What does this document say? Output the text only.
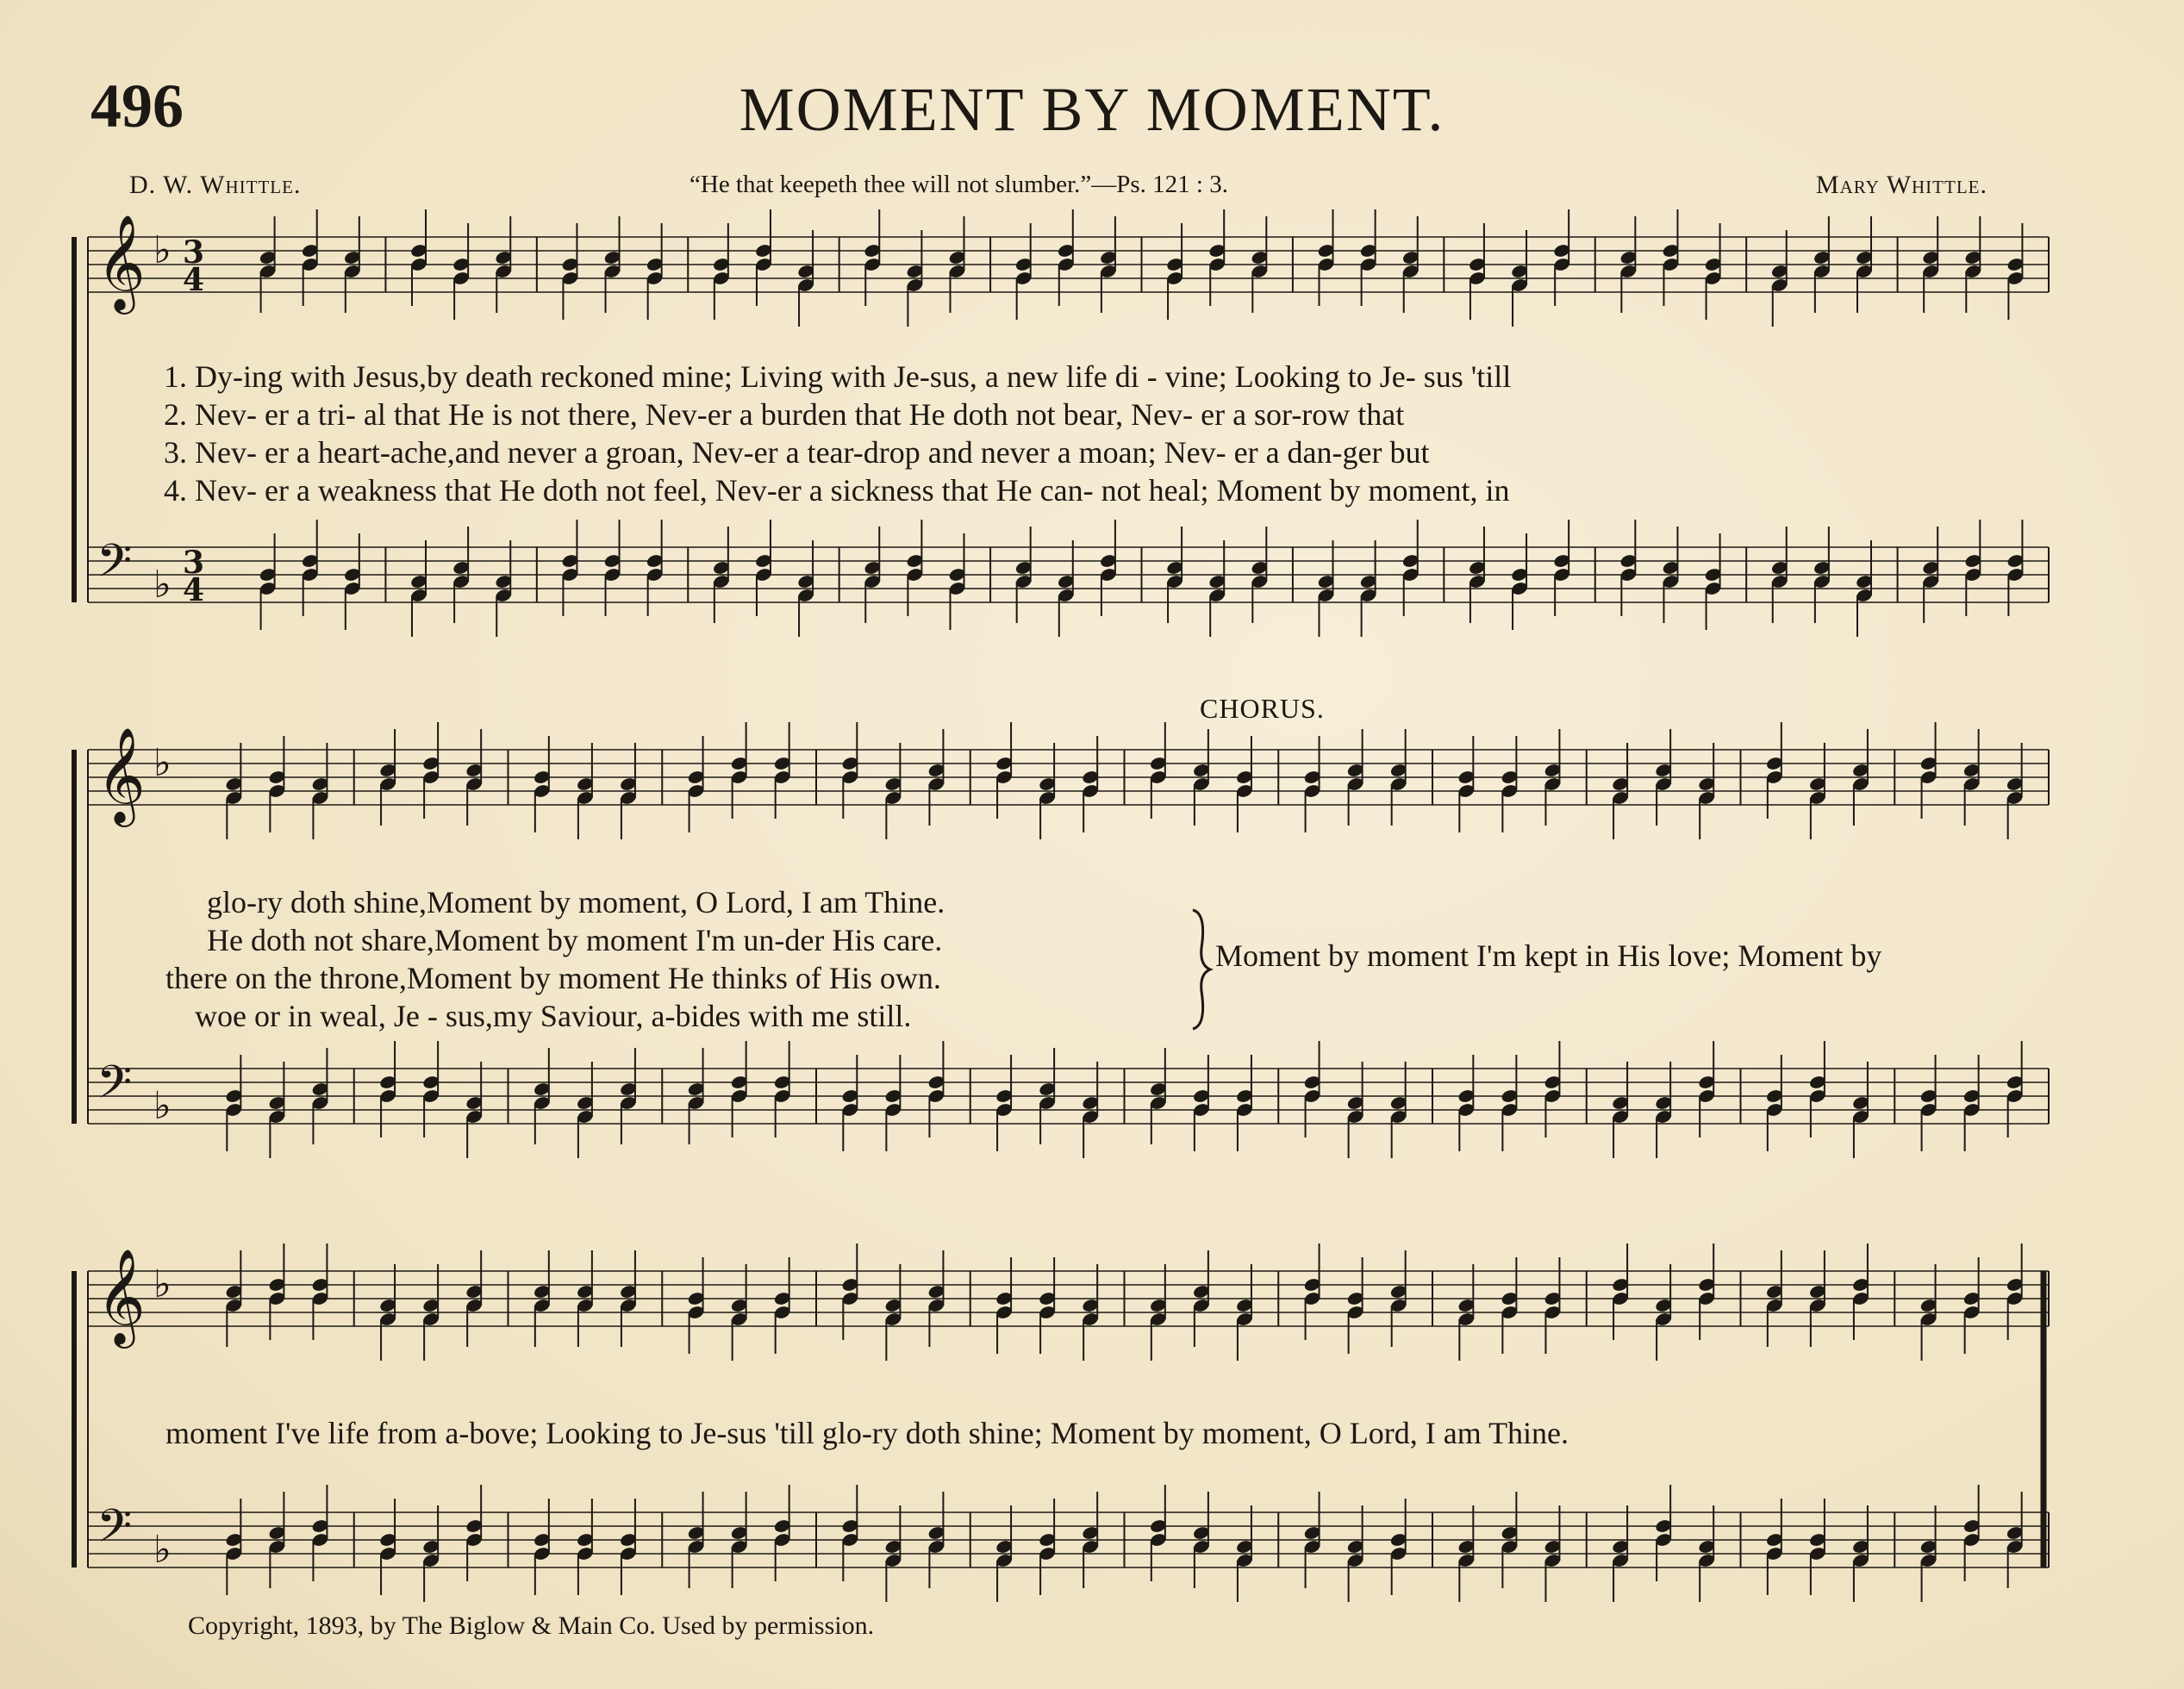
496	MOMENT BY MOMENT.
D. W. Whittle.	“He that keepeth thee will not slumber.”—Ps. 121 : 3.	Mary Whittle.
𝄞 ♭ 3
4
𝄢 ♭ 3
4
1. Dy-ing with Jesus,by death reckoned mine; Living with Je-sus, a new life di - vine; Looking to Je- sus 'till
2. Nev- er a tri- al that He is not there, Nev-er a burden that He doth not bear, Nev- er a sor-row that
3. Nev- er a heart-ache,and never a groan, Nev-er a tear-drop and never a moan; Nev- er a dan-ger but
4. Nev- er a weakness that He doth not feel, Nev-er a sickness that He can- not heal; Moment by moment, in
CHORUS.
𝄞 ♭
𝄢 ♭
glo-ry doth shine,Moment by moment, O Lord, I am Thine.
He doth not share,Moment by moment I'm un-der His care.
there on the throne,Moment by moment He thinks of His own.
woe or in weal, Je - sus,my Saviour, a-bides with me still.
Moment by moment I'm kept in His love; Moment by
𝄞 ♭
𝄢 ♭
moment I've life from a-bove; Looking to Je-sus 'till glo-ry doth shine; Moment by moment, O Lord, I am Thine.
Copyright, 1893, by The Biglow & Main Co. Used by permission.
